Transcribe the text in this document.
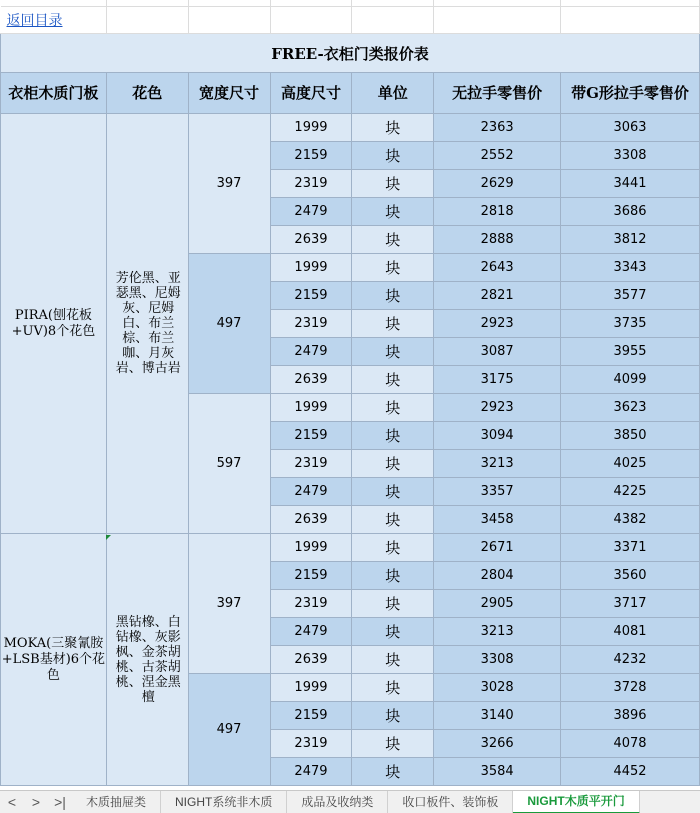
返回目录						
FREE-衣柜门类报价表						
衣柜木质门板	花色	宽度尺寸	高度尺寸	单位	无拉手零售价	带G形拉手零售价
PIRA(刨花板+UV)8个花色	芳伦黑、亚瑟黑、尼姆灰、尼姆白、布兰棕、布兰咖、月灰岩、博古岩	397	1999	块	2363	3063
			2159	块	2552	3308
			2319	块	2629	3441
			2479	块	2818	3686
			2639	块	2888	3812
		497	1999	块	2643	3343
			2159	块	2821	3577
			2319	块	2923	3735
			2479	块	3087	3955
			2639	块	3175	4099
		597	1999	块	2923	3623
			2159	块	3094	3850
			2319	块	3213	4025
			2479	块	3357	4225
			2639	块	3458	4382
MOKA(三聚氰胺+LSB基材)6个花色	黑钻橡、白钻橡、灰影枫、金茶胡桃、古茶胡桃、涅金黑檀	397	1999	块	2671	3371
			2159	块	2804	3560
			2319	块	2905	3717
			2479	块	3213	4081
			2639	块	3308	4232
		497	1999	块	3028	3728
			2159	块	3140	3896
			2319	块	3266	4078
			2479	块	3584	4452
<	>	>|	木质抽屉类	NIGHT系统非木质	成品及收纳类	收口板件、装饰板	NIGHT木质平开门
